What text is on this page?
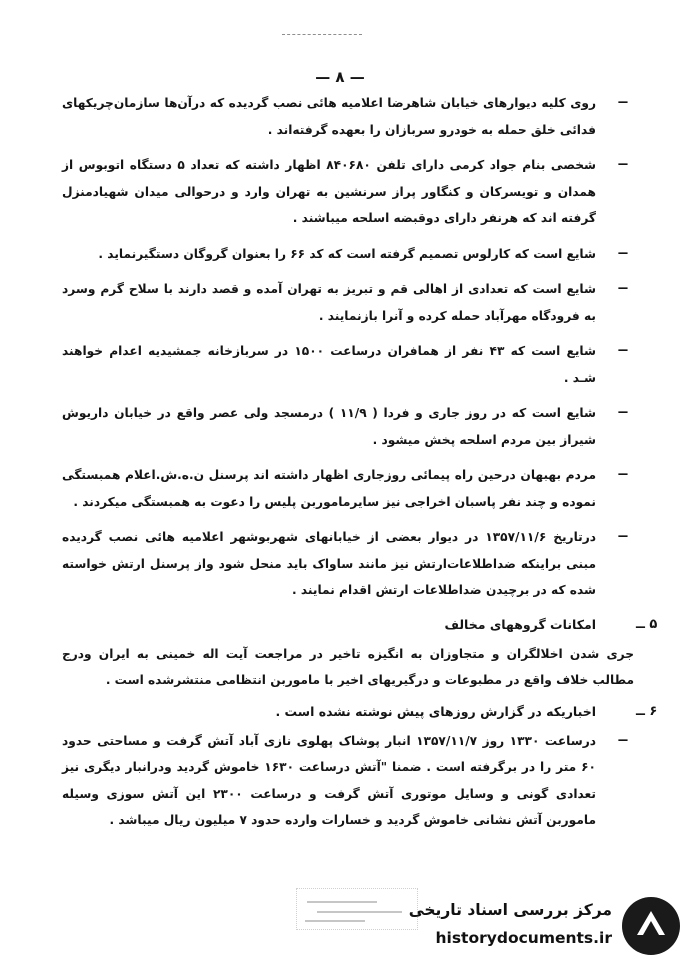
— ۸ —
ــ
روی کلیه دیوارهای خیابان شاهرضا اعلامیه هائی نصب گردیده که درآن‌ها سازمان‌چریکهای فدائی خلق حمله به خودرو سربازان را بعهده گرفته‌اند .
ــ
شخصی بنام جواد کرمی دارای تلفن ۸۴۰۶۸۰ اظهار داشته که تعداد ۵ دستگاه اتوبوس از همدان و تویسرکان و کنگاور پراز سرنشین به تهران وارد و درحوالی میدان شهیادمنزل گرفته اند که هرنفر دارای دوقبضه اسلحه میباشند .
ــ
شایع است که کارلوس تصمیم گرفته است که کد ۶۶ را بعنوان گروگان دستگیرنماید .
ــ
شایع است که تعدادی از اهالی قم و تبریز به تهران آمده و قصد دارند با سلاح گرم وسرد به فرودگاه مهرآباد حمله کرده و آنرا بازنمایند .
ــ
شایع است که ۴۳ نفر از همافران درساعت ۱۵۰۰ در سربازخانه جمشیدیه اعدام خواهند شـد .
ــ
شایع است که در روز جاری و فردا ( ۱۱/۹ ) درمسجد ولی عصر واقع در خیابان داریوش شیراز بین مردم اسلحه پخش میشود .
ــ
مردم بهبهان درحین راه پیمائی روزجاری اظهار داشته اند پرسنل ن.ه.ش.اعلام همبستگی نموده و چند نفر پاسبان اخراجی نیز سایرماموربن پلیس را دعوت به همبستگی میکردند .
ــ
درتاریخ ۱۳۵۷/۱۱/۶ در دیوار بعضی از خیابانهای شهربوشهر اعلامیه هائی نصب گردیده مبنی براینکه ضداطلاعات‌ارتش نیز مانند ساواک باید منحل شود واز پرسنل ارتش خواسته شده که در برچیدن ضداطلاعات ارتش اقدام نمایند .
۵ ــ
امکانات گروههای مخالف
جری شدن اخلالگران و متجاوزان به انگیزه تاخیر در مراجعت آیت اله خمینی به ایران ودرج مطالب خلاف واقع در مطبوعات و درگیریهای اخیر با ماموربن انتظامی منتشرشده است .
۶ ــ
اخباریکه در گزارش روزهای پیش نوشته نشده است .
ــ
درساعت ۱۳۳۰ روز ۱۳۵۷/۱۱/۷ انبار پوشاک پهلوی نازی آباد آتش گرفت و مساحتی حدود ۶۰ متر را در برگرفته است . ضمنا "آتش درساعت ۱۶۳۰ خاموش گردید ودرانبار دیگری نیز تعدادی گونی و وسایل موتوری آتش گرفت و درساعت ۲۳۰۰ این آتش سوزی وسیله ماموربن آتش نشانی خاموش گردید و خسارات وارده حدود ۷ میلیون ریال میباشد .
مرکز بررسی اسناد تاریخی
historydocuments.ir
